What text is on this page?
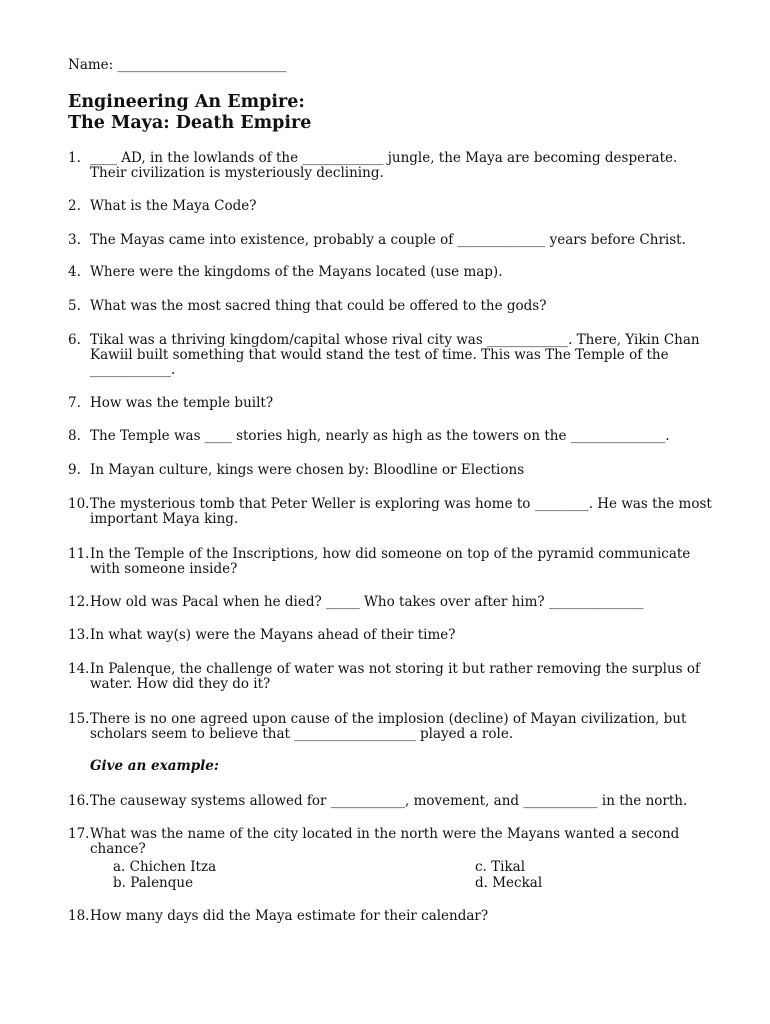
Name: _________________________
Engineering An Empire:
The Maya: Death Empire
1. ____ AD, in the lowlands of the ____________ jungle, the Maya are becoming desperate. Their civilization is mysteriously declining.
2. What is the Maya Code?
3. The Mayas came into existence, probably a couple of _____________ years before Christ.
4. Where were the kingdoms of the Mayans located (use map).
5. What was the most sacred thing that could be offered to the gods?
6. Tikal was a thriving kingdom/capital whose rival city was ____________. There, Yikin Chan Kawiil built something that would stand the test of time. This was The Temple of the ____________.
7. How was the temple built?
8. The Temple was ____ stories high, nearly as high as the towers on the ______________.
9. In Mayan culture, kings were chosen by: Bloodline or Elections
10. The mysterious tomb that Peter Weller is exploring was home to ________. He was the most important Maya king.
11. In the Temple of the Inscriptions, how did someone on top of the pyramid communicate with someone inside?
12. How old was Pacal when he died? _____ Who takes over after him? ______________
13. In what way(s) were the Mayans ahead of their time?
14. In Palenque, the challenge of water was not storing it but rather removing the surplus of water. How did they do it?
15. There is no one agreed upon cause of the implosion (decline) of Mayan civilization, but scholars seem to believe that __________________ played a role.
Give an example:
16. The causeway systems allowed for ___________, movement, and ___________ in the north.
17. What was the name of the city located in the north were the Mayans wanted a second chance?
a. Chichen Itza
b. Palenque
c. Tikal
d. Meckal
18. How many days did the Maya estimate for their calendar?
